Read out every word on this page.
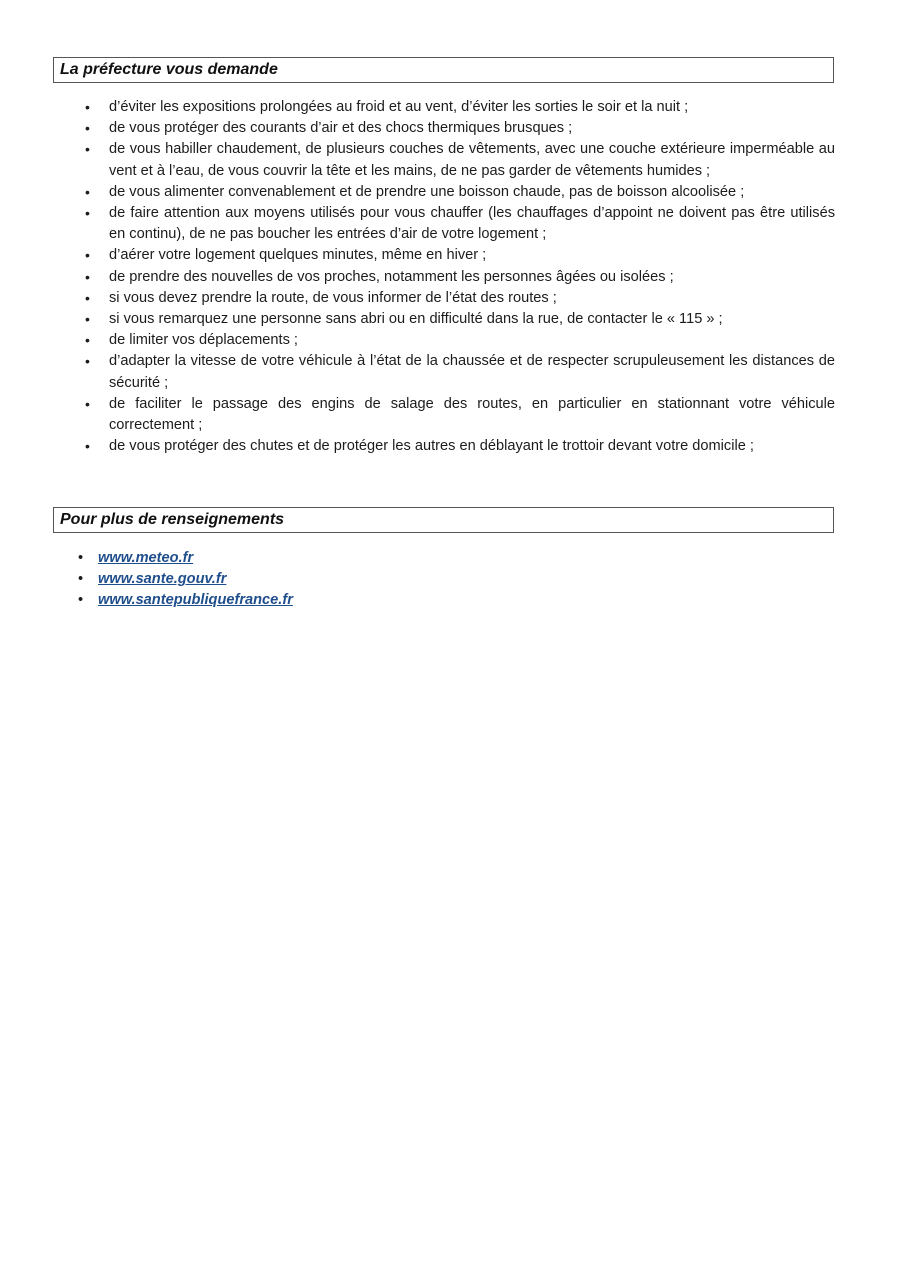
La préfecture vous demande
• d’éviter les expositions prolongées au froid et au vent, d’éviter les sorties le soir et la nuit ;
• de vous protéger des courants d’air et des chocs thermiques brusques ;
• de vous habiller chaudement, de plusieurs couches de vêtements, avec une couche extérieure imperméable au vent et à l’eau, de vous couvrir la tête et les mains, de ne pas garder de vêtements humides ;
• de vous alimenter convenablement et de prendre une boisson chaude, pas de boisson alcoolisée ;
• de faire attention aux moyens utilisés pour vous chauffer (les chauffages d’appoint ne doivent pas être utilisés en continu), de ne pas boucher les entrées d’air de votre logement ;
• d’aérer votre logement quelques minutes, même en hiver ;
• de prendre des nouvelles de vos proches, notamment les personnes âgées ou isolées ;
• si vous devez prendre la route, de vous informer de l’état des routes ;
• si vous remarquez une personne sans abri ou en difficulté dans la rue, de contacter le « 115 » ;
• de limiter vos déplacements ;
• d’adapter la vitesse de votre véhicule à l’état de la chaussée et de respecter scrupuleusement les distances de sécurité ;
• de faciliter le passage des engins de salage des routes, en particulier en stationnant votre véhicule correctement ;
• de vous protéger des chutes et de protéger les autres en déblayant le trottoir devant votre domicile ;
Pour plus de renseignements
• www.meteo.fr
• www.sante.gouv.fr
• www.santepubliquefrance.fr
